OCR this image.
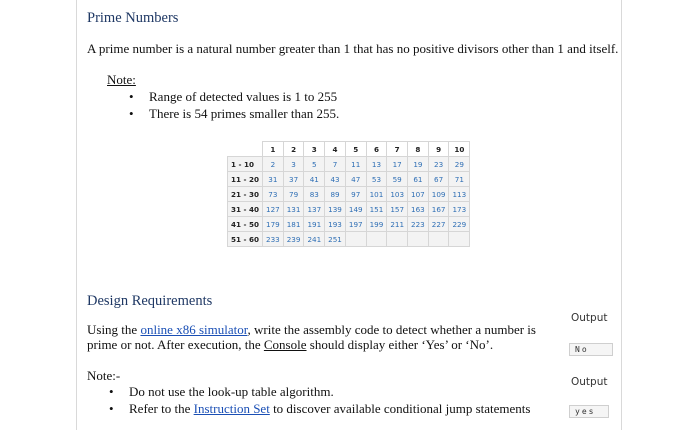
Prime Numbers
A prime number is a natural number greater than 1 that has no positive divisors other than 1 and itself.
Note:
• Range of detected values is 1 to 255
• There is 54 primes smaller than 255.
	1	2	3	4	5	6	7	8	9	10
1 - 10	2	3	5	7	11	13	17	19	23	29
11 - 20	31	37	41	43	47	53	59	61	67	71
21 - 30	73	79	83	89	97	101	103	107	109	113
31 - 40	127	131	137	139	149	151	157	163	167	173
41 - 50	179	181	191	193	197	199	211	223	227	229
51 - 60	233	239	241	251						
Design Requirements
Using the online x86 simulator, write the assembly code to detect whether a number is prime or not. After execution, the Console should display either ‘Yes’ or ‘No’.
Note:-
• Do not use the look-up table algorithm.
• Refer to the Instruction Set to discover available conditional jump statements
Output
No
Output
yes
